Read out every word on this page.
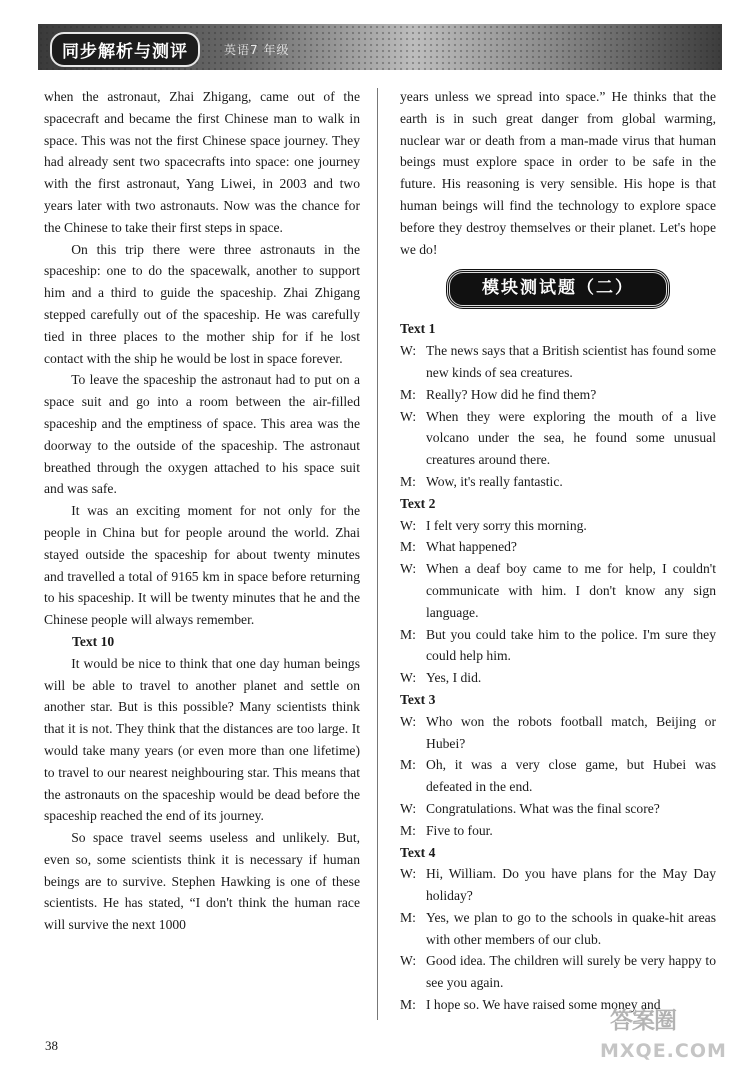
同步解析与测评	英语7 年级

when the astronaut, Zhai Zhigang, came out of the spacecraft and became the first Chinese man to walk in space. This was not the first Chinese space journey. They had already sent two spacecrafts into space: one journey with the first astronaut, Yang Liwei, in 2003 and two years later with two astronauts. Now was the chance for the Chinese to take their first steps in space.

On this trip there were three astronauts in the spaceship: one to do the spacewalk, another to support him and a third to guide the spaceship. Zhai Zhigang stepped carefully out of the spaceship. He was carefully tied in three places to the mother ship for if he lost contact with the ship he would be lost in space forever.

To leave the spaceship the astronaut had to put on a space suit and go into a room between the air-filled spaceship and the emptiness of space. This area was the doorway to the outside of the spaceship. The astronaut breathed through the oxygen attached to his space suit and was safe.

It was an exciting moment for not only for the people in China but for people around the world. Zhai stayed outside the spaceship for about twenty minutes and travelled a total of 9165 km in space before returning to his spaceship. It will be twenty minutes that he and the Chinese people will always remember.

Text 10

It would be nice to think that one day human beings will be able to travel to another planet and settle on another star. But is this possible? Many scientists think that it is not. They think that the distances are too large. It would take many years (or even more than one lifetime) to travel to our nearest neighbouring star. This means that the astronauts on the spaceship would be dead before the spaceship reached the end of its journey.

So space travel seems useless and unlikely. But, even so, some scientists think it is necessary if human beings are to survive. Stephen Hawking is one of these scientists. He has stated, “I don't think the human race will survive the next 1000

years unless we spread into space.” He thinks that the earth is in such great danger from global warming, nuclear war or death from a man-made virus that human beings must explore space in order to be safe in the future. His reasoning is very sensible. His hope is that human beings will find the technology to explore space before they destroy themselves or their planet. Let's hope we do!

模块测试题（二）

Text 1

W: The news says that a British scientist has found some new kinds of sea creatures.
M: Really? How did he find them?
W: When they were exploring the mouth of a live volcano under the sea, he found some unusual creatures around there.
M: Wow, it's really fantastic.

Text 2

W: I felt very sorry this morning.
M: What happened?
W: When a deaf boy came to me for help, I couldn't communicate with him. I don't know any sign language.
M: But you could take him to the police. I'm sure they could help him.
W: Yes, I did.

Text 3

W: Who won the robots football match, Beijing or Hubei?
M: Oh, it was a very close game, but Hubei was defeated in the end.
W: Congratulations. What was the final score?
M: Five to four.

Text 4

W: Hi, William. Do you have plans for the May Day holiday?
M: Yes, we plan to go to the schools in quake-hit areas with other members of our club.
W: Good idea. The children will surely be very happy to see you again.
M: I hope so. We have raised some money and
38
答案圈
MXQE.COM
